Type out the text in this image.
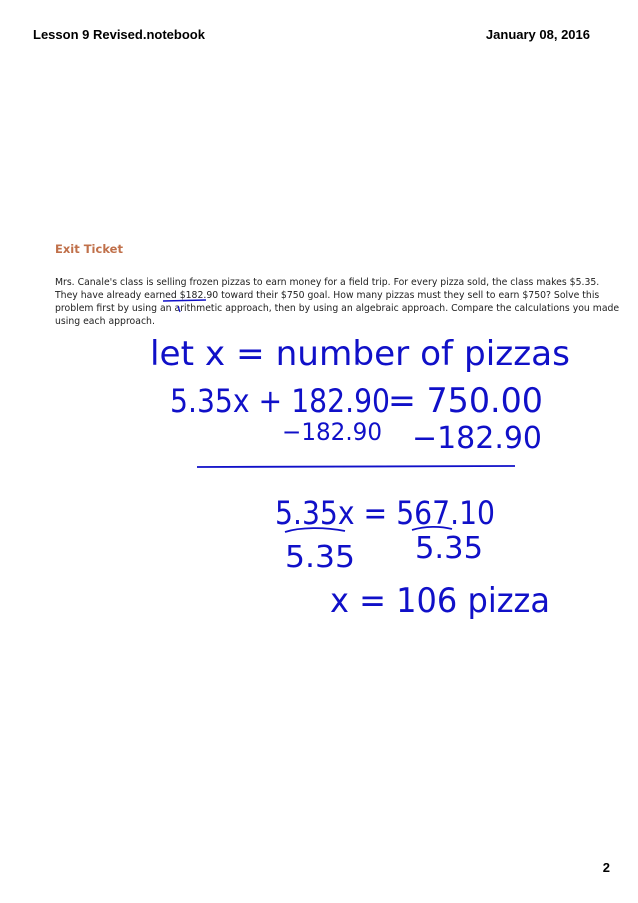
Lesson 9 Revised.notebook	January 08, 2016
Exit Ticket
Mrs. Canale's class is selling frozen pizzas to earn money for a field trip. For every pizza sold, the class makes $5.35.
They have already earned $182.90 toward their $750 goal. How many pizzas must they sell to earn $750? Solve this
problem first by using an arithmetic approach, then by using an algebraic approach. Compare the calculations you made
using each approach.
let x = number of pizzas
5.35x + 182.90
= 750.00
−182.90 −182.90
5.35x = 567.10
5.35 5.35
x = 106 pizza
2
